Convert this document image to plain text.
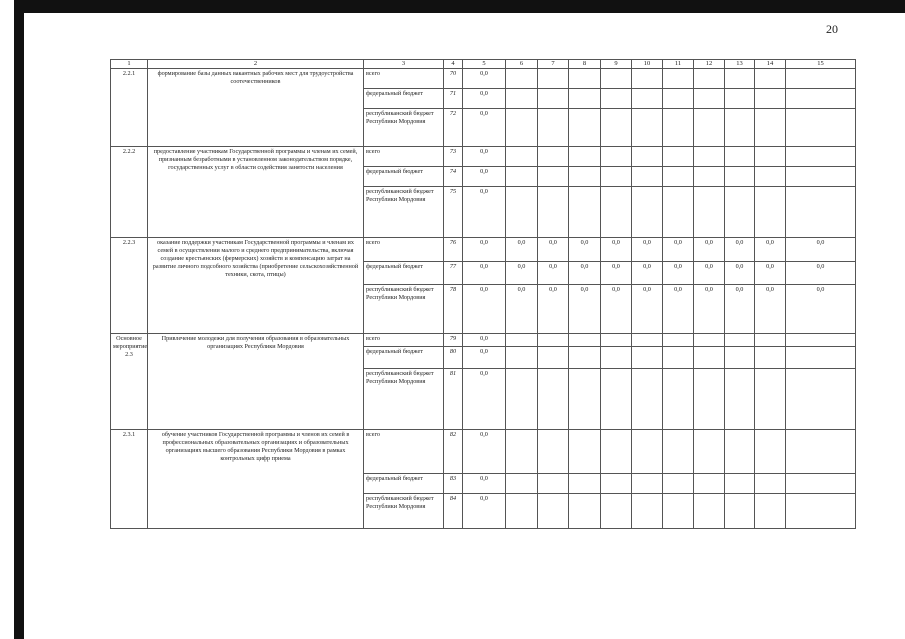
20
1	2	3	4	5	6	7	8	9	10	11	12	13	14	15
2.2.1	формирование базы данных вакантных рабочих мест для трудоустройства соотечественников	всего	70	0,0										
		федеральный бюджет	71	0,0										
		республиканский бюджет Республики Мордовия	72	0,0										
2.2.2	предоставление участникам Государственной программы и членам их семей, признанным безработными в установленном законодательством порядке, государственных услуг в области содействия занятости населения	всего	73	0,0										
		федеральный бюджет	74	0,0										
		республиканский бюджет Республики Мордовия	75	0,0										
2.2.3	оказание поддержки участникам Государственной программы и членам их семей в осуществлении малого и среднего предпринимательства, включая создание крестьянских (фермерских) хозяйств и компенсацию затрат на развитие личного подсобного хозяйства (приобретение сельскохозяйственной техники, скота, птицы)	всего	76	0,0	0,0	0,0	0,0	0,0	0,0	0,0	0,0	0,0	0,0	0,0
		федеральный бюджет	77	0,0	0,0	0,0	0,0	0,0	0,0	0,0	0,0	0,0	0,0	0,0
		республиканский бюджет Республики Мордовия	78	0,0	0,0	0,0	0,0	0,0	0,0	0,0	0,0	0,0	0,0	0,0
Основное мероприятие 2.3	Привлечение молодежи для получения образования в образовательных организациях Республики Мордовия	всего	79	0,0										
		федеральный бюджет	80	0,0										
		республиканский бюджет Республики Мордовия	81	0,0										
2.3.1	обучение участников Государственной программы и членов их семей в профессиональных образовательных организациях и образовательных организациях высшего образования Республики Мордовия в рамках контрольных цифр приема	всего	82	0,0										
		федеральный бюджет	83	0,0										
		республиканский бюджет Республики Мордовия	84	0,0										
